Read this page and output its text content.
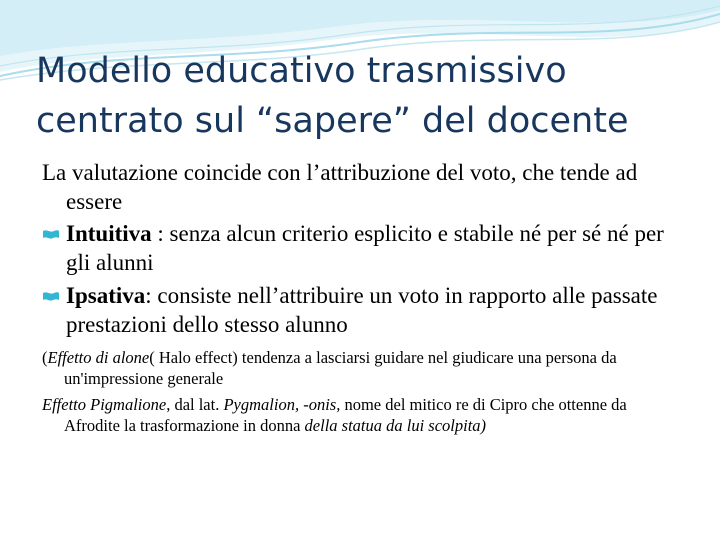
Modello educativo trasmissivo
centrato sul “sapere” del docente

La valutazione coincide con l’attribuzione del voto, che tende ad essere

Intuitiva : senza alcun criterio esplicito e stabile né per sé né per gli alunni

Ipsativa: consiste nell’attribuire un voto in rapporto alle passate prestazioni dello stesso alunno

(Effetto di alone( Halo effect) tendenza a lasciarsi guidare nel giudicare una persona da un'impressione generale

Effetto Pigmalione, dal lat. Pygmalion, -onis, nome del mitico re di Cipro che ottenne da Afrodite la trasformazione in donna della statua da lui scolpita)
